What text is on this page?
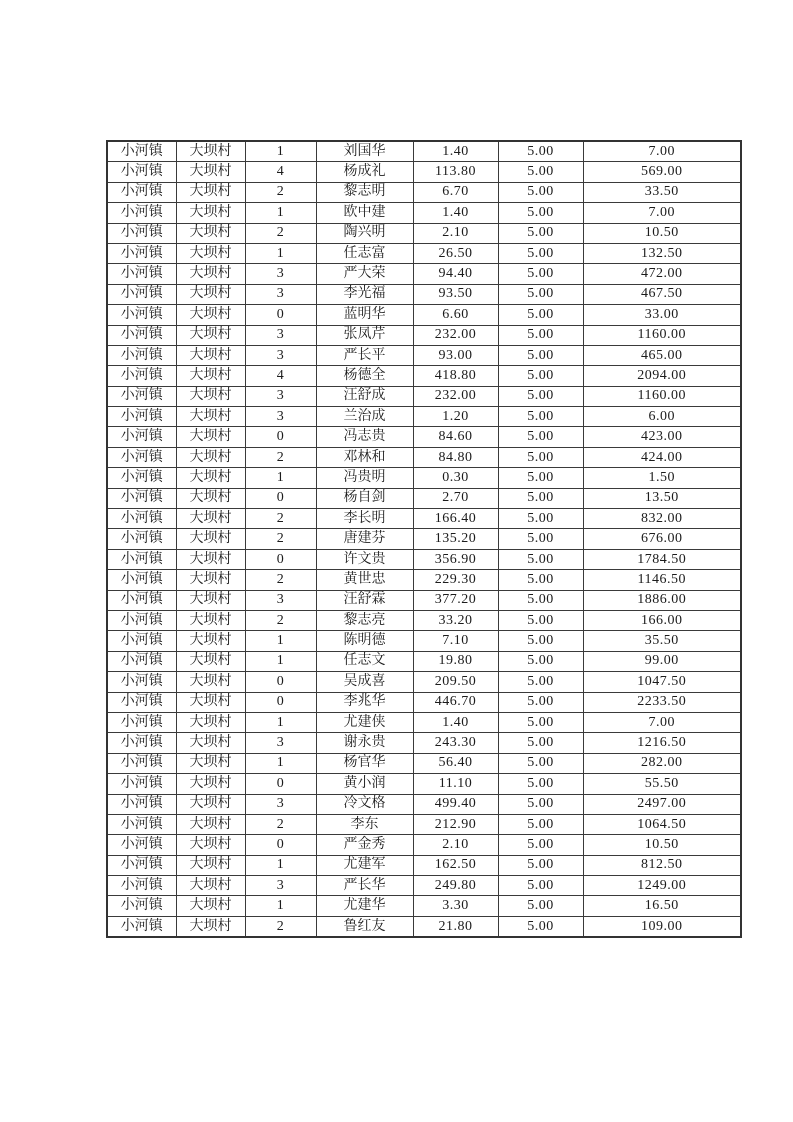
小河镇	大坝村	1	刘国华	1.40	5.00	7.00
小河镇	大坝村	4	杨成礼	113.80	5.00	569.00
小河镇	大坝村	2	黎志明	6.70	5.00	33.50
小河镇	大坝村	1	欧中建	1.40	5.00	7.00
小河镇	大坝村	2	陶兴明	2.10	5.00	10.50
小河镇	大坝村	1	任志富	26.50	5.00	132.50
小河镇	大坝村	3	严大荣	94.40	5.00	472.00
小河镇	大坝村	3	李光福	93.50	5.00	467.50
小河镇	大坝村	0	蓝明华	6.60	5.00	33.00
小河镇	大坝村	3	张凤芹	232.00	5.00	1160.00
小河镇	大坝村	3	严长平	93.00	5.00	465.00
小河镇	大坝村	4	杨德全	418.80	5.00	2094.00
小河镇	大坝村	3	汪舒成	232.00	5.00	1160.00
小河镇	大坝村	3	兰治成	1.20	5.00	6.00
小河镇	大坝村	0	冯志贵	84.60	5.00	423.00
小河镇	大坝村	2	邓林和	84.80	5.00	424.00
小河镇	大坝村	1	冯贵明	0.30	5.00	1.50
小河镇	大坝村	0	杨自剑	2.70	5.00	13.50
小河镇	大坝村	2	李长明	166.40	5.00	832.00
小河镇	大坝村	2	唐建芬	135.20	5.00	676.00
小河镇	大坝村	0	许文贵	356.90	5.00	1784.50
小河镇	大坝村	2	黄世忠	229.30	5.00	1146.50
小河镇	大坝村	3	汪舒霖	377.20	5.00	1886.00
小河镇	大坝村	2	黎志亮	33.20	5.00	166.00
小河镇	大坝村	1	陈明德	7.10	5.00	35.50
小河镇	大坝村	1	任志文	19.80	5.00	99.00
小河镇	大坝村	0	吴成喜	209.50	5.00	1047.50
小河镇	大坝村	0	李兆华	446.70	5.00	2233.50
小河镇	大坝村	1	尤建侠	1.40	5.00	7.00
小河镇	大坝村	3	谢永贵	243.30	5.00	1216.50
小河镇	大坝村	1	杨官华	56.40	5.00	282.00
小河镇	大坝村	0	黄小润	11.10	5.00	55.50
小河镇	大坝村	3	冷文格	499.40	5.00	2497.00
小河镇	大坝村	2	李东	212.90	5.00	1064.50
小河镇	大坝村	0	严金秀	2.10	5.00	10.50
小河镇	大坝村	1	尤建军	162.50	5.00	812.50
小河镇	大坝村	3	严长华	249.80	5.00	1249.00
小河镇	大坝村	1	尤建华	3.30	5.00	16.50
小河镇	大坝村	2	鲁红友	21.80	5.00	109.00
